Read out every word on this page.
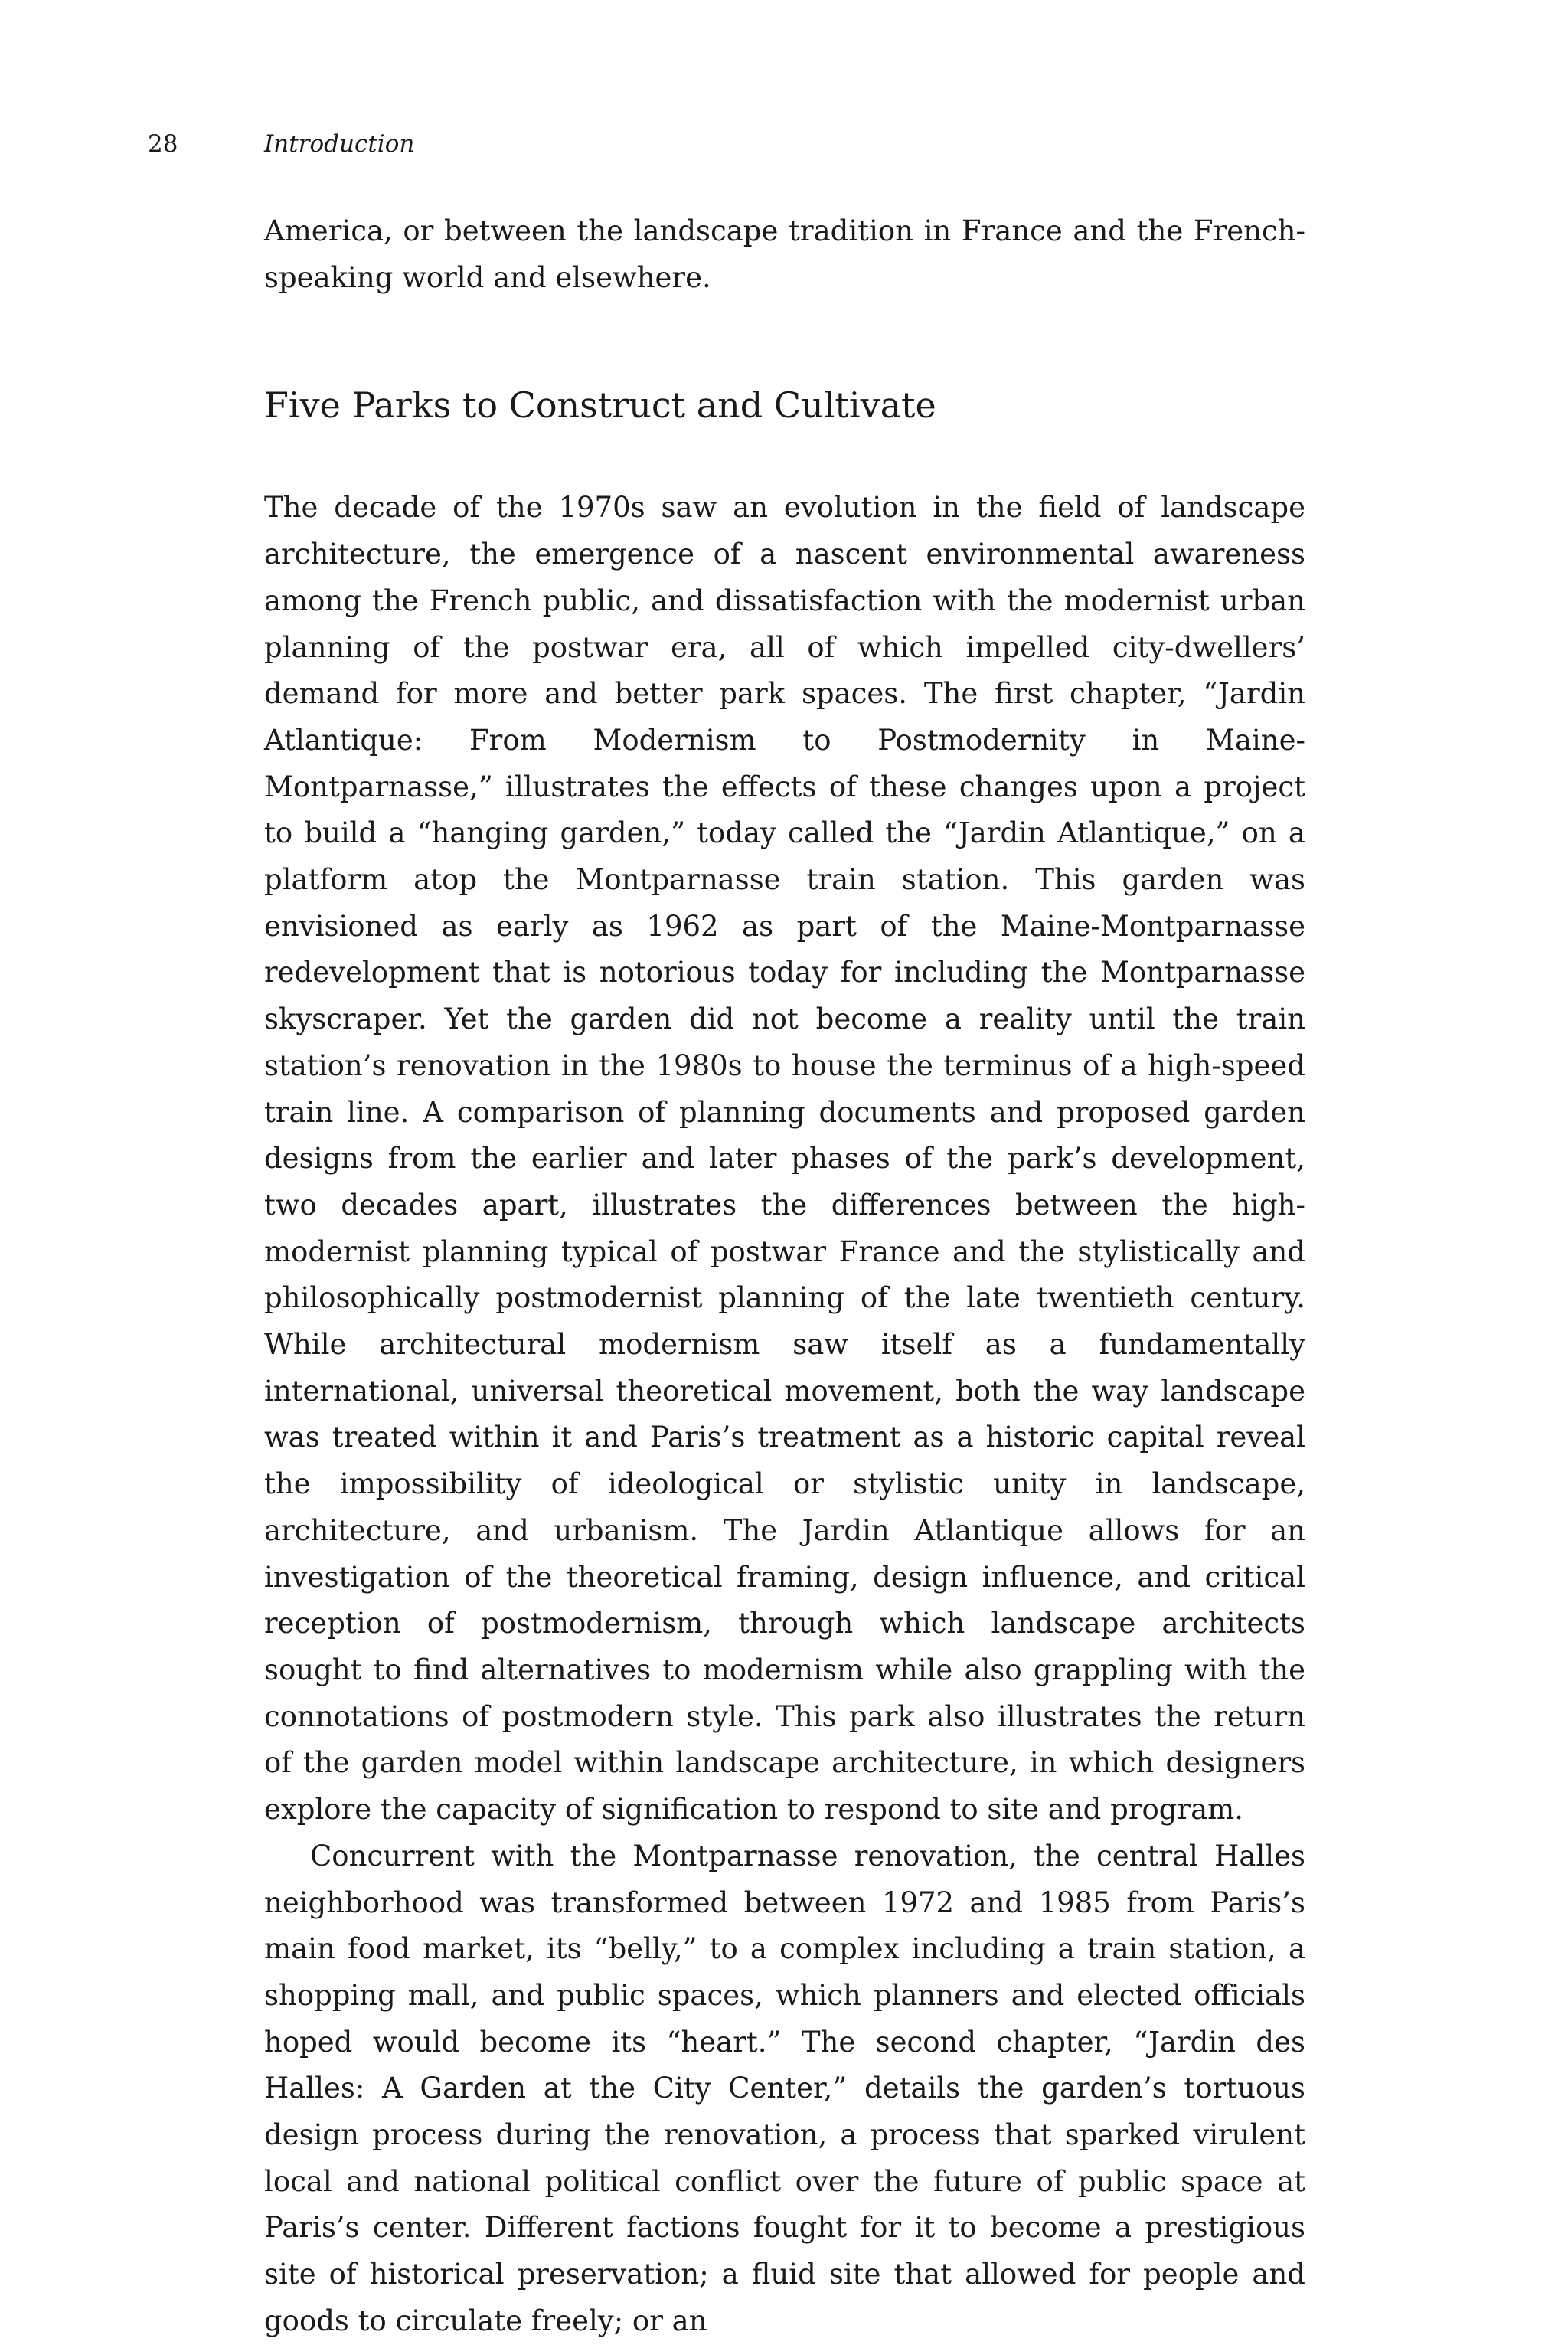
28	Introduction

America, or between the landscape tradition in France and the French-speaking world and elsewhere.

Five Parks to Construct and Cultivate

The decade of the 1970s saw an evolution in the field of landscape architecture, the emergence of a nascent environmental awareness among the French public, and dissatisfaction with the modernist urban planning of the postwar era, all of which impelled city-dwellers’ demand for more and better park spaces. The first chapter, “Jardin Atlantique: From Modernism to Postmodernity in Maine-Montparnasse,” illustrates the effects of these changes upon a project to build a “hanging garden,” today called the “Jardin Atlantique,” on a platform atop the Montparnasse train station. This garden was envisioned as early as 1962 as part of the Maine-Montparnasse redevelopment that is notorious today for including the Montparnasse skyscraper. Yet the garden did not become a reality until the train station’s renovation in the 1980s to house the terminus of a high-speed train line. A comparison of planning documents and proposed garden designs from the earlier and later phases of the park’s development, two decades apart, illustrates the differences between the high-modernist planning typical of postwar France and the stylistically and philosophically postmodernist planning of the late twentieth century. While architectural modernism saw itself as a fundamentally international, universal theoretical movement, both the way landscape was treated within it and Paris’s treatment as a historic capital reveal the impossibility of ideological or stylistic unity in landscape, architecture, and urbanism. The Jardin Atlantique allows for an investigation of the theoretical framing, design influence, and critical reception of postmodernism, through which landscape architects sought to find alternatives to modernism while also grappling with the connotations of postmodern style. This park also illustrates the return of the garden model within landscape architecture, in which designers explore the capacity of signification to respond to site and program.

Concurrent with the Montparnasse renovation, the central Halles neighborhood was transformed between 1972 and 1985 from Paris’s main food market, its “belly,” to a complex including a train station, a shopping mall, and public spaces, which planners and elected officials hoped would become its “heart.” The second chapter, “Jardin des Halles: A Garden at the City Center,” details the garden’s tortuous design process during the renovation, a process that sparked virulent local and national political conflict over the future of public space at Paris’s center. Different factions fought for it to become a prestigious site of historical preservation; a fluid site that allowed for people and goods to circulate freely; or an
